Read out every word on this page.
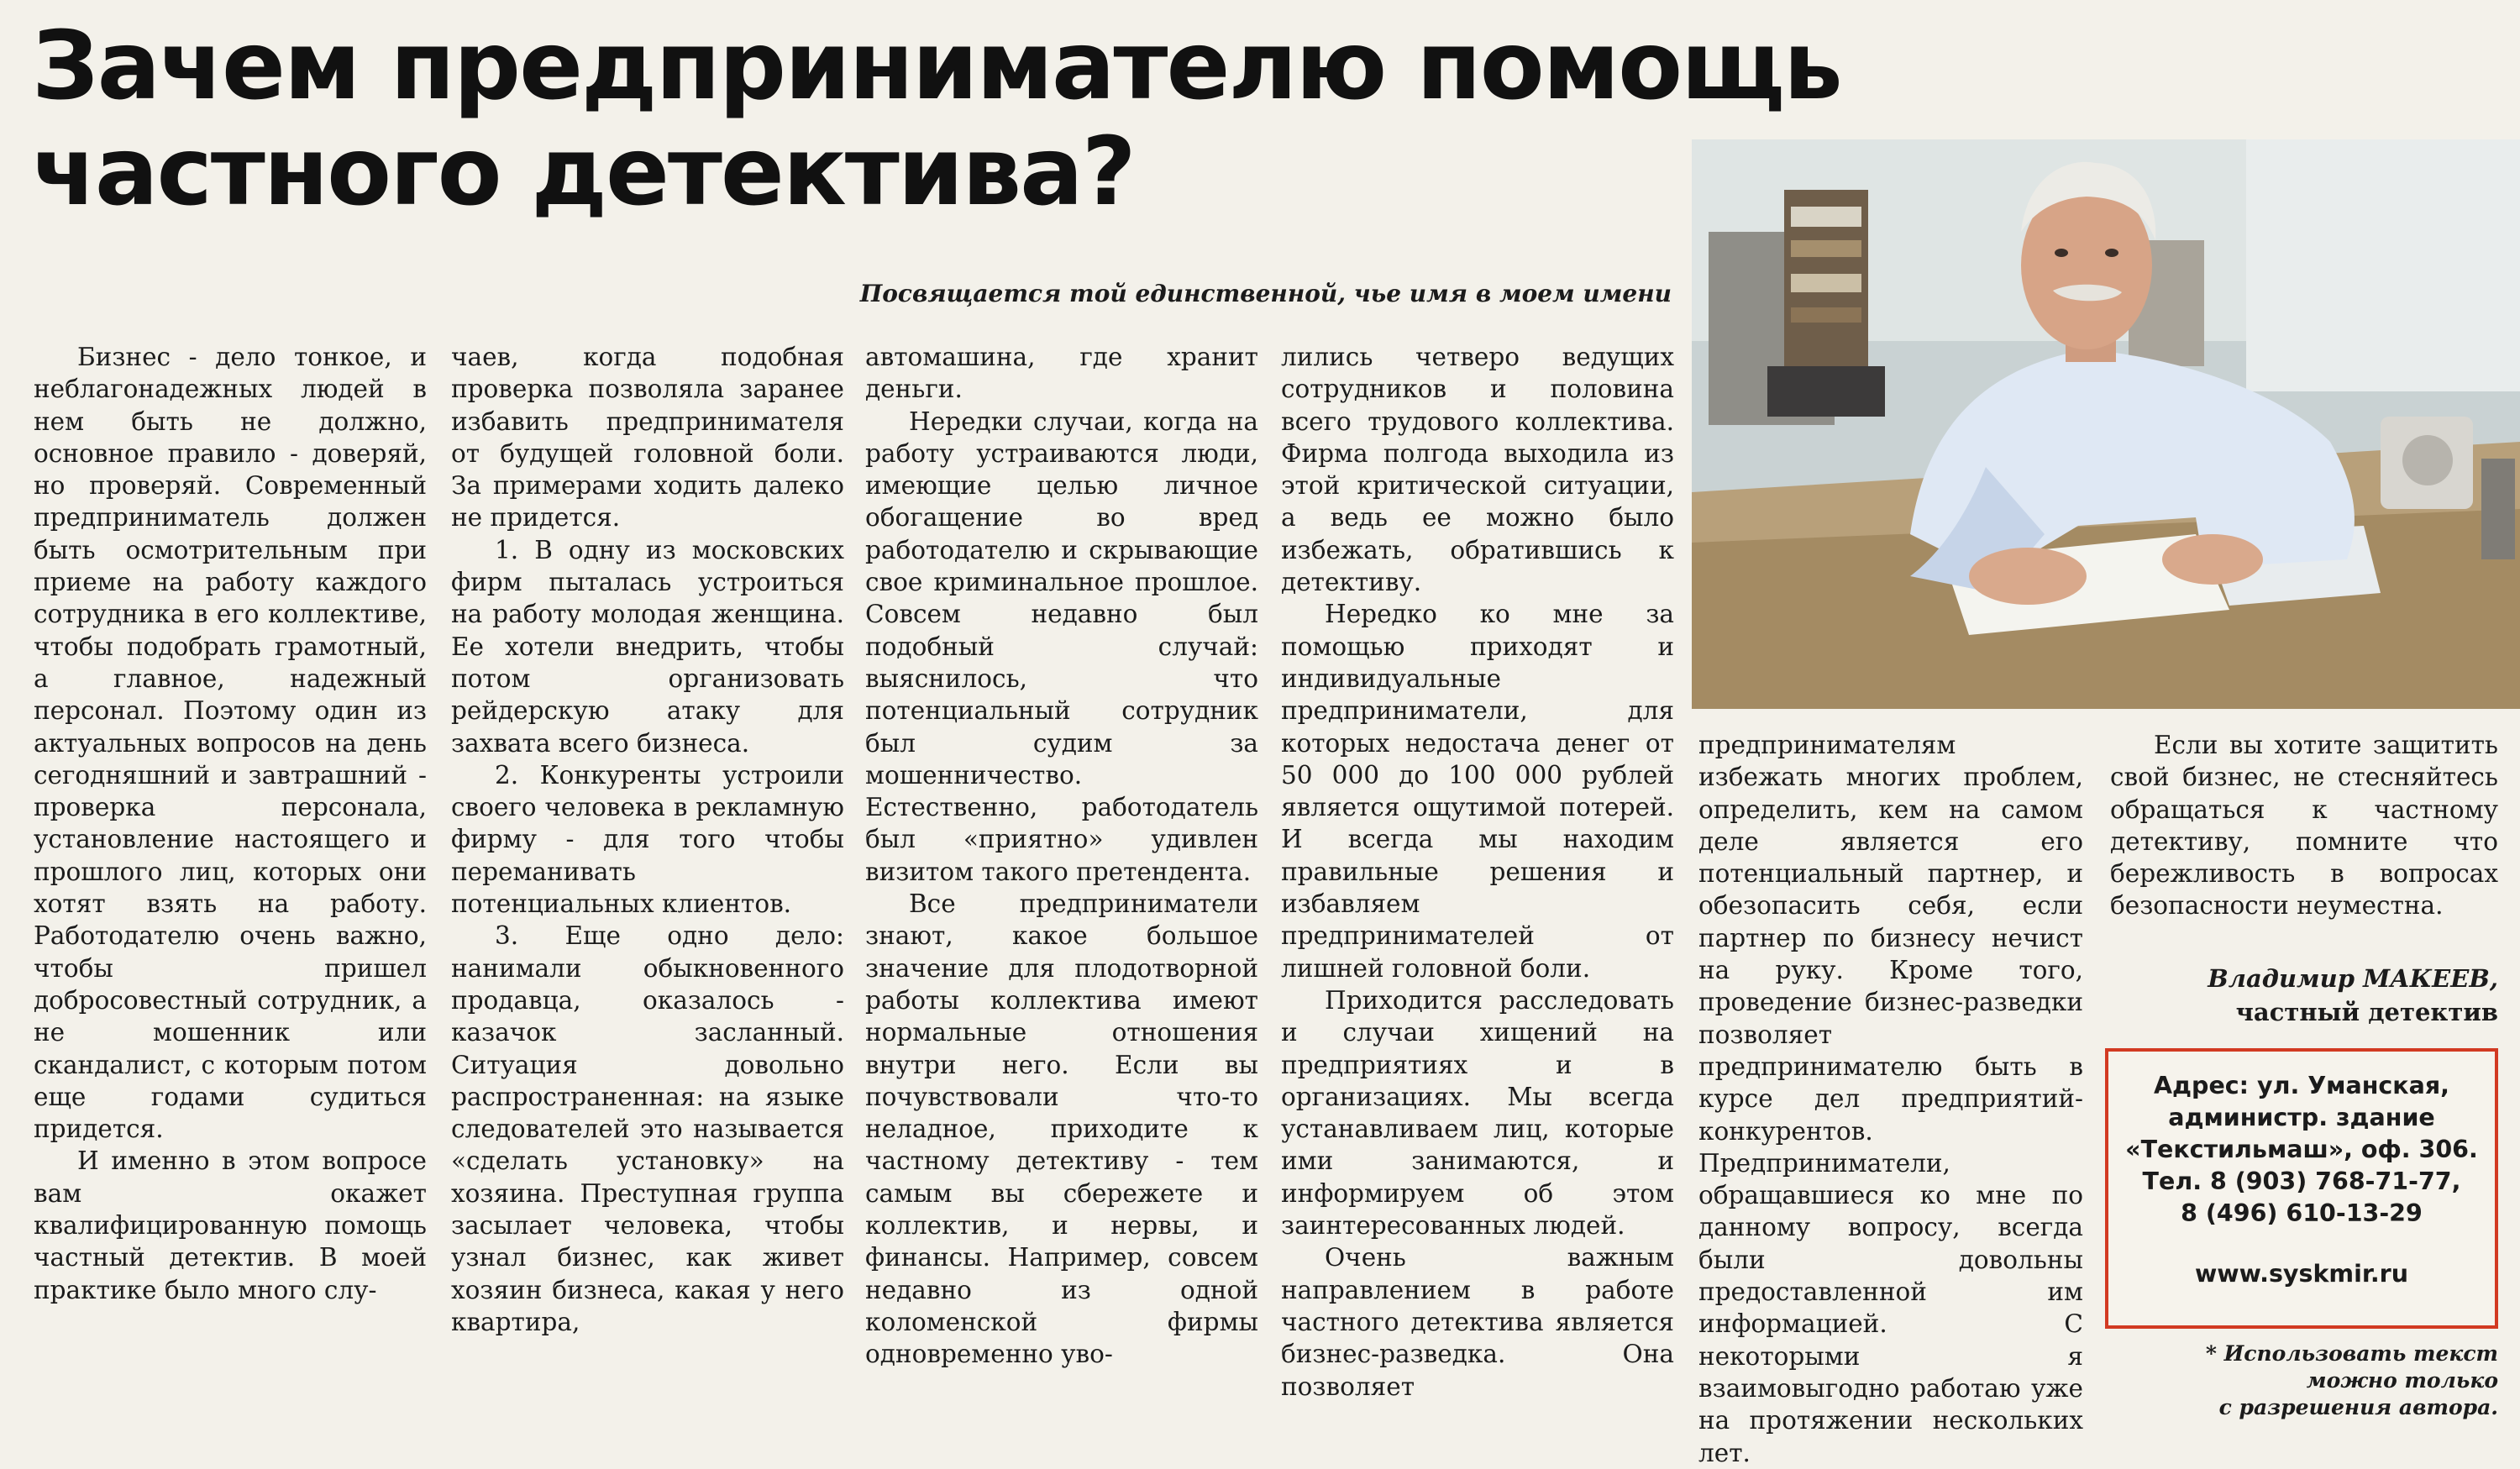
Зачем предпринимателю помощь
частного детектива?
Посвящается той единственной, чье имя в моем имени

Бизнес - дело тонкое, и неблагонадежных людей в нем быть не должно, основное правило - доверяй, но проверяй. Современный предприниматель должен быть осмотрительным при приеме на работу каждого сотрудника в его коллективе, чтобы подобрать грамотный, а главное, надежный персонал. Поэтому один из актуальных вопросов на день сегодняшний и завтрашний - проверка персонала, установление настоящего и прошлого лиц, которых они хотят взять на работу. Работодателю очень важно, чтобы пришел добросовестный сотрудник, а не мошенник или скандалист, с которым потом еще годами судиться придется.

И именно в этом вопросе вам окажет квалифицированную помощь частный детектив. В моей практике было много слу-

чаев, когда подобная проверка позволяла заранее избавить предпринимателя от будущей головной боли. За примерами ходить далеко не придется.

1. В одну из московских фирм пыталась устроиться на работу молодая женщина. Ее хотели внедрить, чтобы потом организовать рейдерскую атаку для захвата всего бизнеса.

2. Конкуренты устроили своего человека в рекламную фирму - для того чтобы переманивать потенциальных клиентов.

3. Еще одно дело: нанимали обыкновенного продавца, оказалось - казачок засланный. Ситуация довольно распространенная: на языке следователей это называется «сделать установку» на хозяина. Преступная группа засылает человека, чтобы узнал бизнес, как живет хозяин бизнеса, какая у него квартира,

автомашина, где хранит деньги.

Нередки случаи, когда на работу устраиваются люди, имеющие целью личное обогащение во вред работодателю и скрывающие свое криминальное прошлое. Совсем недавно был подобный случай: выяснилось, что потенциальный сотрудник был судим за мошенничество. Естественно, работодатель был «приятно» удивлен визитом такого претендента.

Все предприниматели знают, какое большое значение для плодотворной работы коллектива имеют нормальные отношения внутри него. Если вы почувствовали что-то неладное, приходите к частному детективу - тем самым вы сбережете и коллектив, и нервы, и финансы. Например, совсем недавно из одной коломенской фирмы одновременно уво-

лились четверо ведущих сотрудников и половина всего трудового коллектива. Фирма полгода выходила из этой критической ситуации, а ведь ее можно было избежать, обратившись к детективу.

Нередко ко мне за помощью приходят и индивидуальные предприниматели, для которых недостача денег от 50 000 до 100 000 рублей является ощутимой потерей. И всегда мы находим правильные решения и избавляем предпринимателей от лишней головной боли.

Приходится расследовать и случаи хищений на предприятиях и в организациях. Мы всегда устанавливаем лиц, которые ими занимаются, и информируем об этом заинтересованных людей.

Очень важным направлением в работе частного детектива является бизнес-разведка. Она позволяет

предпринимателям избежать многих проблем, определить, кем на самом деле является его потенциальный партнер, и обезопасить себя, если партнер по бизнесу нечист на руку. Кроме того, проведение бизнес-разведки позволяет предпринимателю быть в курсе дел предприятий-конкурентов. Предприниматели, обращавшиеся ко мне по данному вопросу, всегда были довольны предоставленной им информацией. С некоторыми я взаимовыгодно работаю уже на протяжении нескольких лет.

Если вы хотите защитить свой бизнес, не стесняйтесь обращаться к частному детективу, помните что бережливость в вопросах безопасности неуместна.

Владимир МАКЕЕВ,
частный детектив
Адрес: ул. Уманская,
администр. здание
«Текстильмаш», оф. 306.
Тел. 8 (903) 768-71-77,
8 (496) 610-13-29
www.syskmir.ru
* Использовать текст
можно только
с разрешения автора.
